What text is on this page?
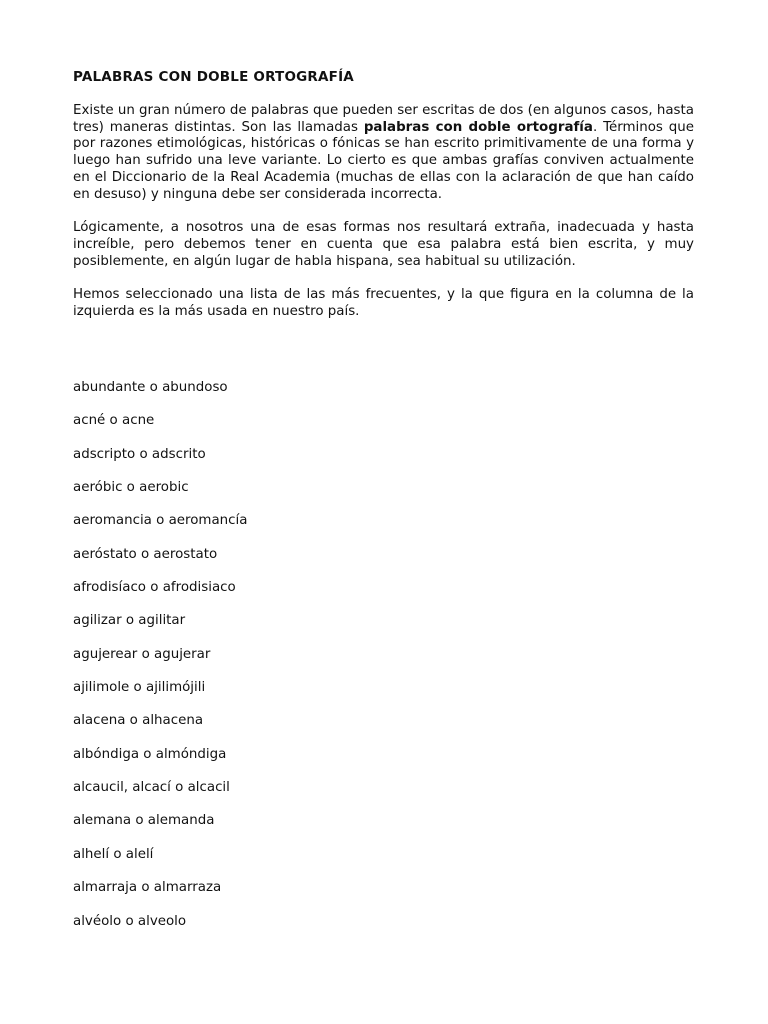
PALABRAS CON DOBLE ORTOGRAFÍA

Existe un gran número de palabras que pueden ser escritas de dos (en algunos casos, hasta tres) maneras distintas. Son las llamadas palabras con doble ortografía. Términos que por razones etimológicas, históricas o fónicas se han escrito primitivamente de una forma y luego han sufrido una leve variante. Lo cierto es que ambas grafías conviven actualmente en el Diccionario de la Real Academia (muchas de ellas con la aclaración de que han caído en desuso) y ninguna debe ser considerada incorrecta.

Lógicamente, a nosotros una de esas formas nos resultará extraña, inadecuada y hasta increíble, pero debemos tener en cuenta que esa palabra está bien escrita, y muy posiblemente, en algún lugar de habla hispana, sea habitual su utilización.

Hemos seleccionado una lista de las más frecuentes, y la que figura en la columna de la izquierda es la más usada en nuestro país.

abundante o abundoso
acné o acne
adscripto o adscrito
aeróbic o aerobic
aeromancia o aeromancía
aeróstato o aerostato
afrodisíaco o afrodisiaco
agilizar o agilitar
agujerear o agujerar
ajilimole o ajilimójili
alacena o alhacena
albóndiga o almóndiga
alcaucil, alcací o alcacil
alemana o alemanda
alhelí o alelí
almarraja o almarraza
alvéolo o alveolo
